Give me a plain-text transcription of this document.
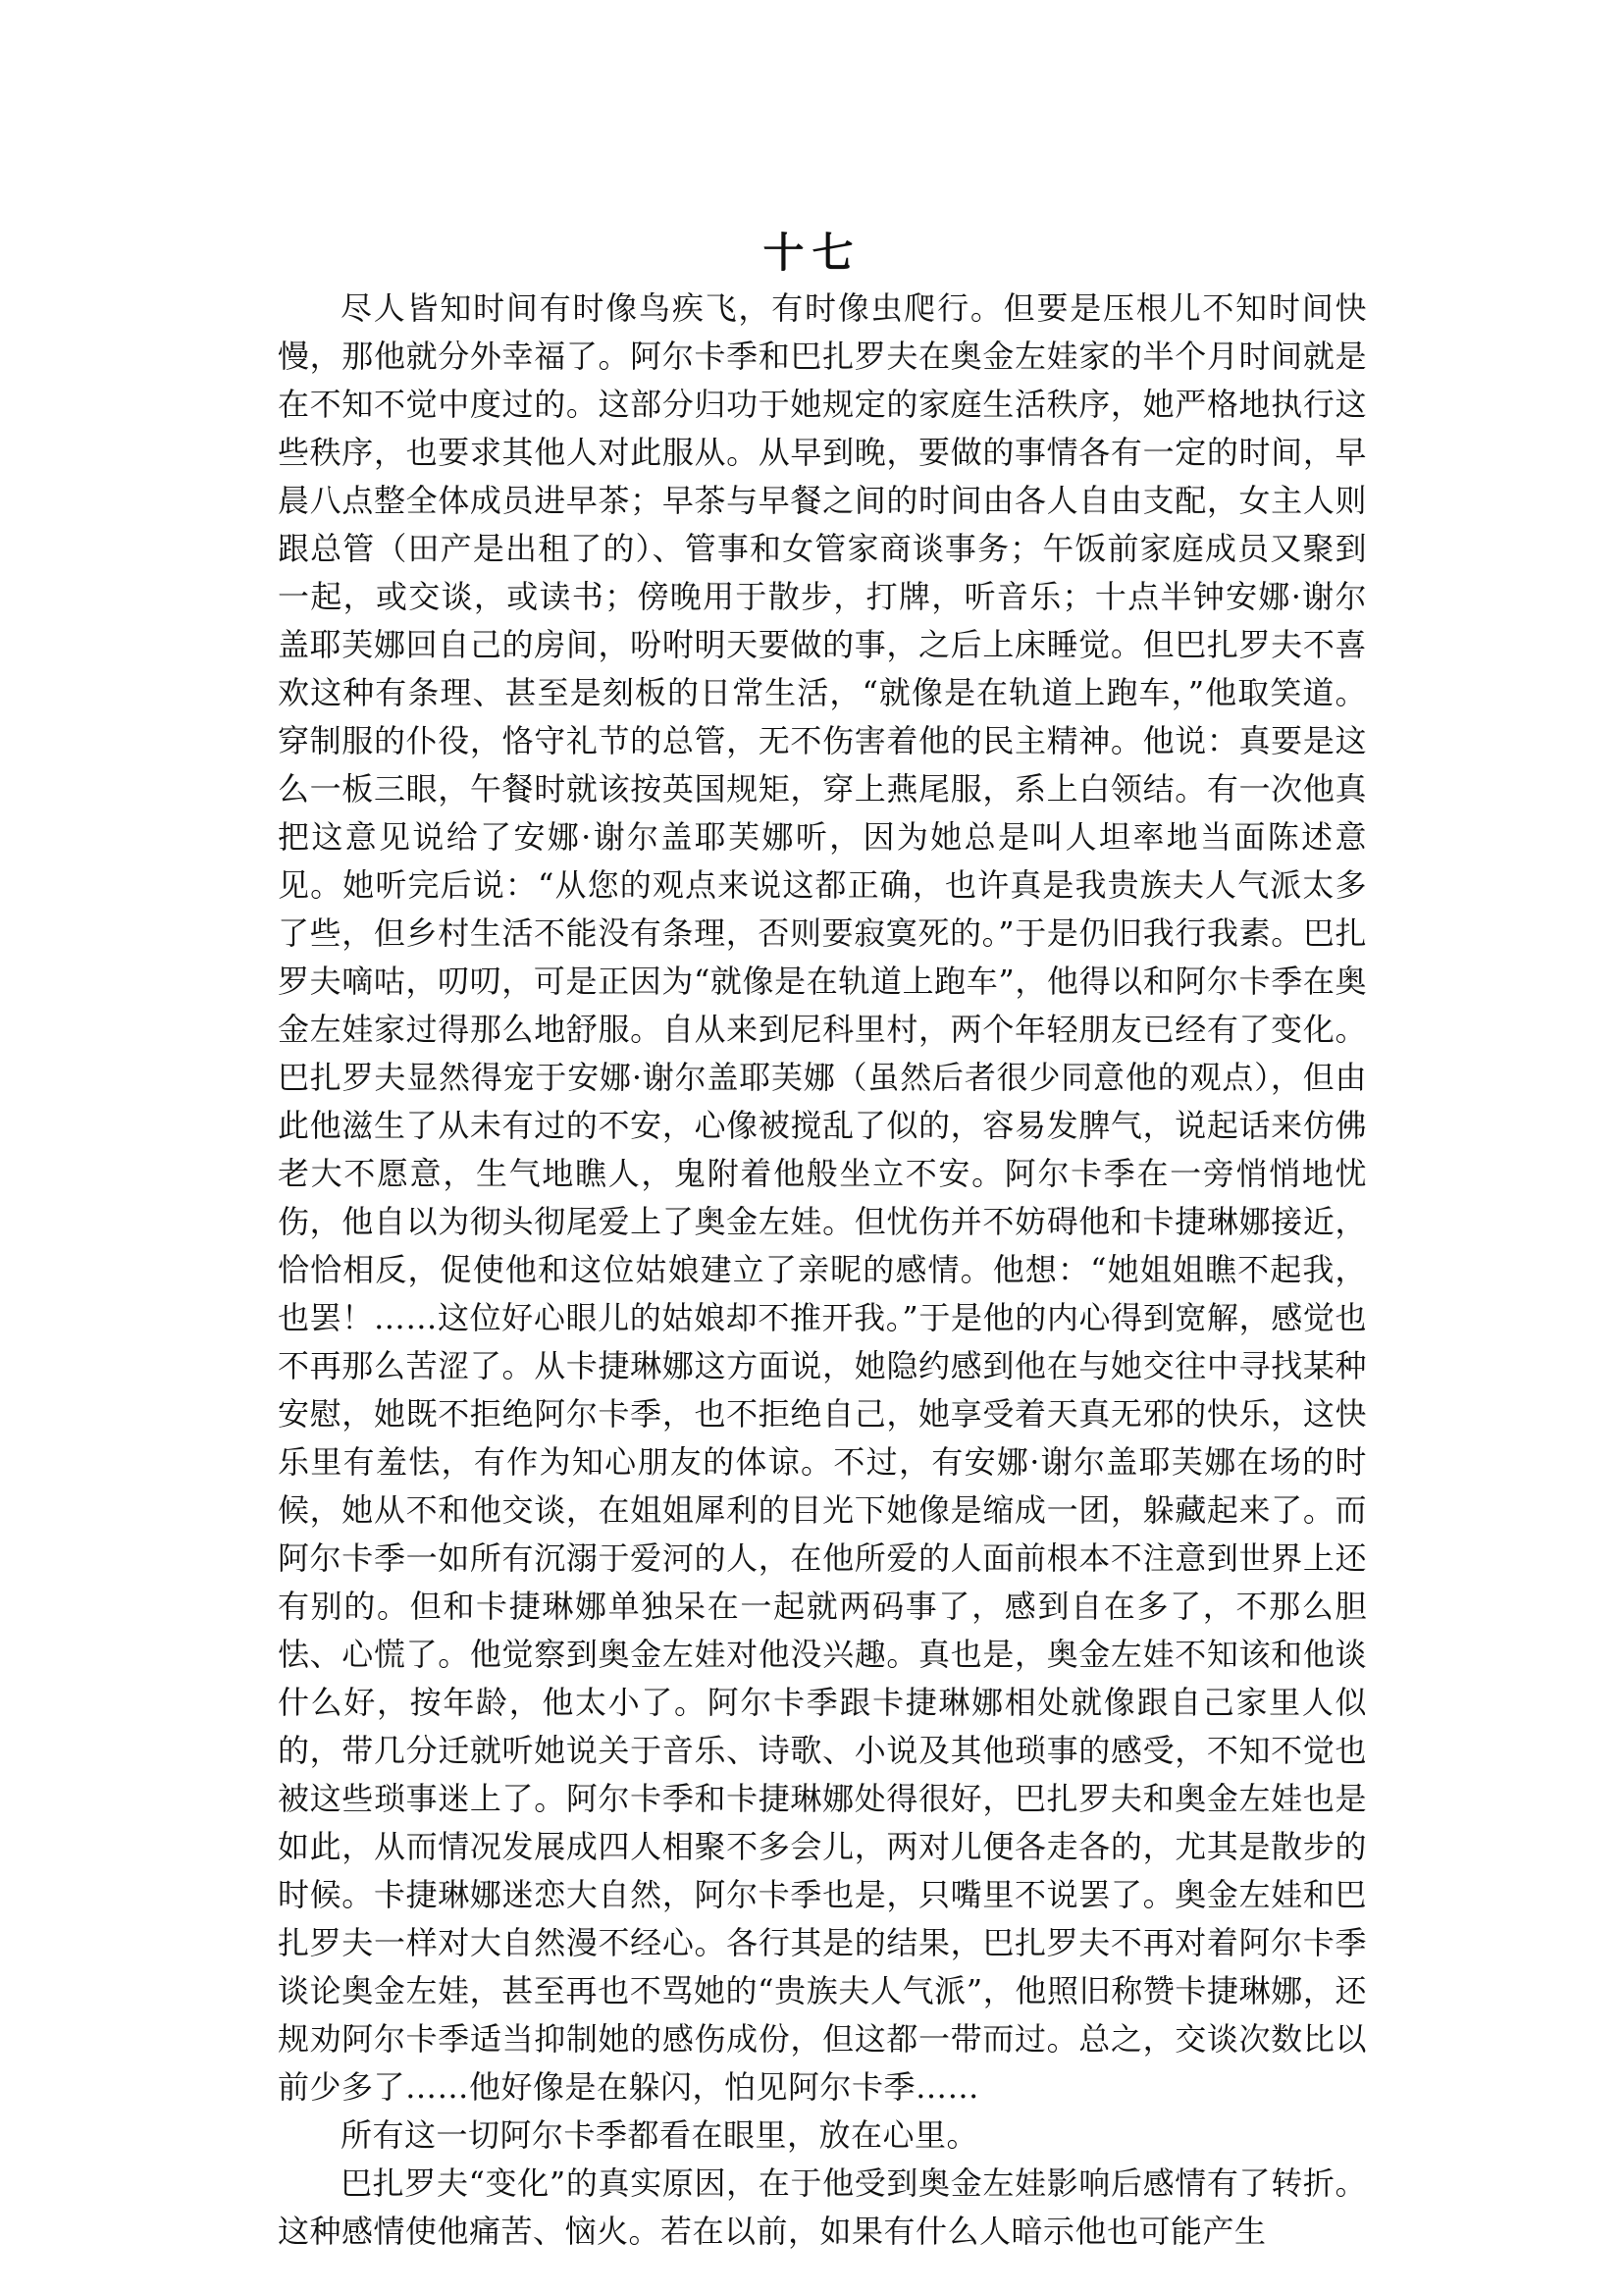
十七

尽人皆知时间有时像鸟疾飞，有时像虫爬行。但要是压根儿不知时间快慢，那他就分外幸福了。阿尔卡季和巴扎罗夫在奥金左娃家的半个月时间就是在不知不觉中度过的。这部分归功于她规定的家庭生活秩序，她严格地执行这些秩序，也要求其他人对此服从。从早到晚，要做的事情各有一定的时间，早晨八点整全体成员进早茶；早茶与早餐之间的时间由各人自由支配，女主人则跟总管（田产是出租了的）、管事和女管家商谈事务；午饭前家庭成员又聚到一起，或交谈，或读书；傍晚用于散步，打牌，听音乐；十点半钟安娜·谢尔盖耶芙娜回自己的房间，吩咐明天要做的事，之后上床睡觉。但巴扎罗夫不喜欢这种有条理、甚至是刻板的日常生活，“就像是在轨道上跑车，”他取笑道。穿制服的仆役，恪守礼节的总管，无不伤害着他的民主精神。他说：真要是这么一板三眼，午餐时就该按英国规矩，穿上燕尾服，系上白领结。有一次他真把这意见说给了安娜·谢尔盖耶芙娜听，因为她总是叫人坦率地当面陈述意见。她听完后说：“从您的观点来说这都正确，也许真是我贵族夫人气派太多了些，但乡村生活不能没有条理，否则要寂寞死的。”于是仍旧我行我素。巴扎罗夫嘀咕，叨叨，可是正因为“就像是在轨道上跑车”，他得以和阿尔卡季在奥金左娃家过得那么地舒服。自从来到尼科里村，两个年轻朋友已经有了变化。巴扎罗夫显然得宠于安娜·谢尔盖耶芙娜（虽然后者很少同意他的观点），但由此他滋生了从未有过的不安，心像被搅乱了似的，容易发脾气，说起话来仿佛老大不愿意，生气地瞧人，鬼附着他般坐立不安。阿尔卡季在一旁悄悄地忧伤，他自以为彻头彻尾爱上了奥金左娃。但忧伤并不妨碍他和卡捷琳娜接近，恰恰相反，促使他和这位姑娘建立了亲昵的感情。他想：“她姐姐瞧不起我，也罢！……这位好心眼儿的姑娘却不推开我。”于是他的内心得到宽解，感觉也不再那么苦涩了。从卡捷琳娜这方面说，她隐约感到他在与她交往中寻找某种安慰，她既不拒绝阿尔卡季，也不拒绝自己，她享受着天真无邪的快乐，这快乐里有羞怯，有作为知心朋友的体谅。不过，有安娜·谢尔盖耶芙娜在场的时候，她从不和他交谈，在姐姐犀利的目光下她像是缩成一团，躲藏起来了。而阿尔卡季一如所有沉溺于爱河的人，在他所爱的人面前根本不注意到世界上还有别的。但和卡捷琳娜单独呆在一起就两码事了，感到自在多了，不那么胆怯、心慌了。他觉察到奥金左娃对他没兴趣。真也是，奥金左娃不知该和他谈什么好，按年龄，他太小了。阿尔卡季跟卡捷琳娜相处就像跟自己家里人似的，带几分迁就听她说关于音乐、诗歌、小说及其他琐事的感受，不知不觉也被这些琐事迷上了。阿尔卡季和卡捷琳娜处得很好，巴扎罗夫和奥金左娃也是如此，从而情况发展成四人相聚不多会儿，两对儿便各走各的，尤其是散步的时候。卡捷琳娜迷恋大自然，阿尔卡季也是，只嘴里不说罢了。奥金左娃和巴扎罗夫一样对大自然漫不经心。各行其是的结果，巴扎罗夫不再对着阿尔卡季谈论奥金左娃，甚至再也不骂她的“贵族夫人气派”，他照旧称赞卡捷琳娜，还规劝阿尔卡季适当抑制她的感伤成份，但这都一带而过。总之，交谈次数比以前少多了……他好像是在躲闪，怕见阿尔卡季……

所有这一切阿尔卡季都看在眼里，放在心里。

巴扎罗夫“变化”的真实原因，在于他受到奥金左娃影响后感情有了转折。这种感情使他痛苦、恼火。若在以前，如果有什么人暗示他也可能产生
